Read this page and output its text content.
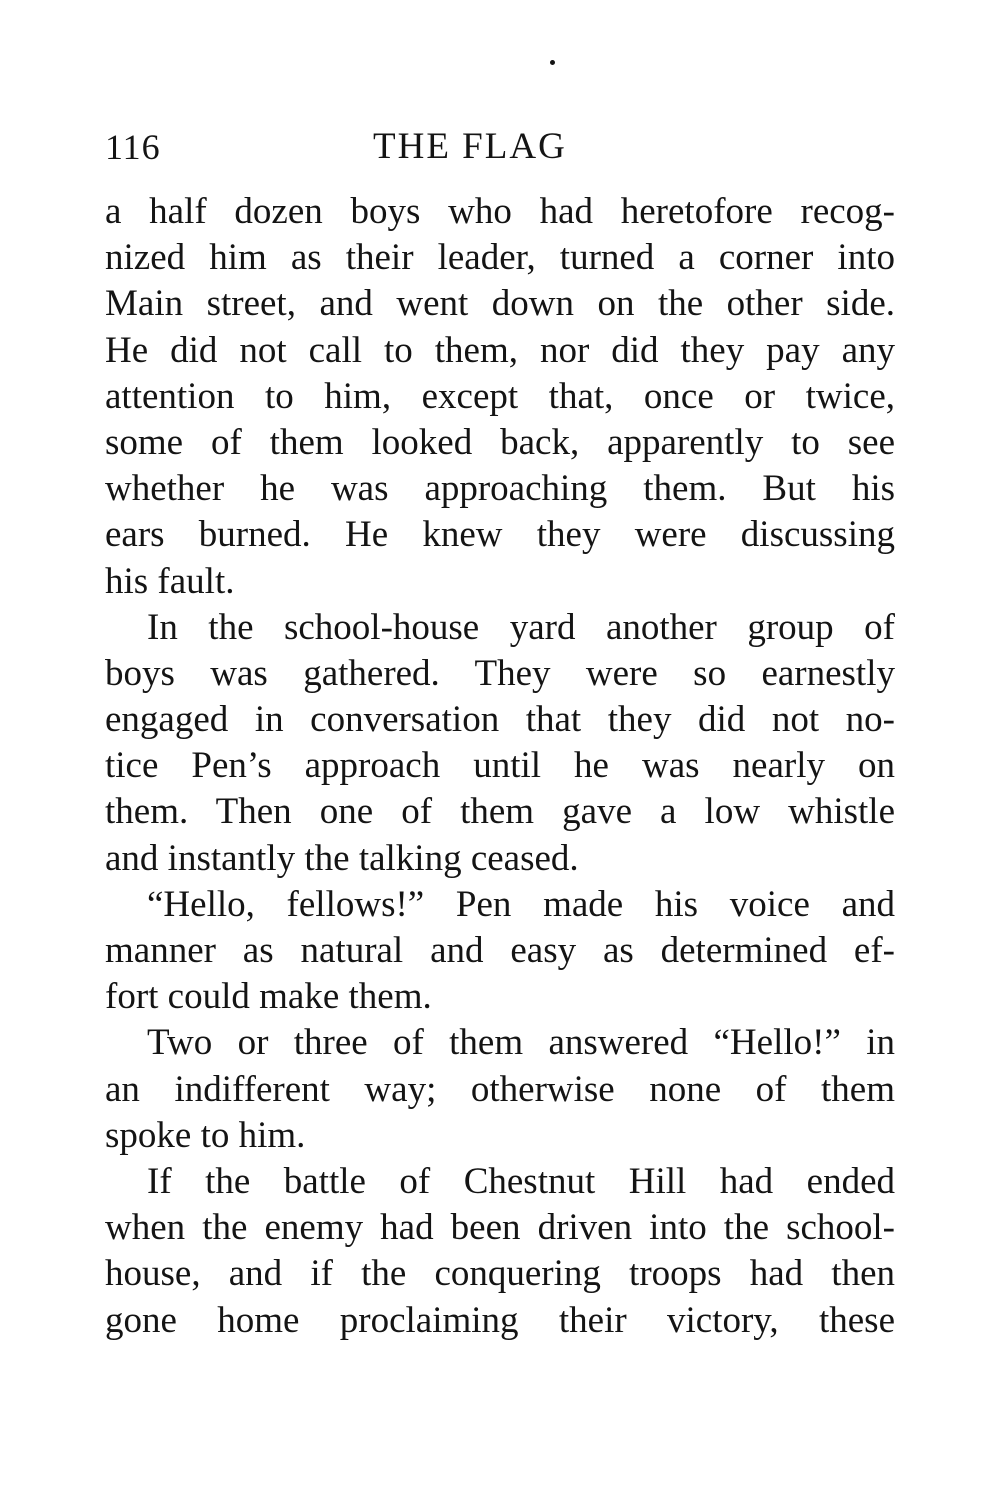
116	THE FLAG

a half dozen boys who had heretofore recog-
nized him as their leader, turned a corner into
Main street, and went down on the other side.
He did not call to them, nor did they pay any
attention to him, except that, once or twice,
some of them looked back, apparently to see
whether he was approaching them. But his
ears burned. He knew they were discussing
his fault.

In the school-house yard another group of
boys was gathered. They were so earnestly
engaged in conversation that they did not no-
tice Pen’s approach until he was nearly on
them. Then one of them gave a low whistle
and instantly the talking ceased.

“Hello, fellows!” Pen made his voice and
manner as natural and easy as determined ef-
fort could make them.

Two or three of them answered “Hello!” in
an indifferent way; otherwise none of them
spoke to him.

If the battle of Chestnut Hill had ended
when the enemy had been driven into the school-
house, and if the conquering troops had then
gone home proclaiming their victory, these
